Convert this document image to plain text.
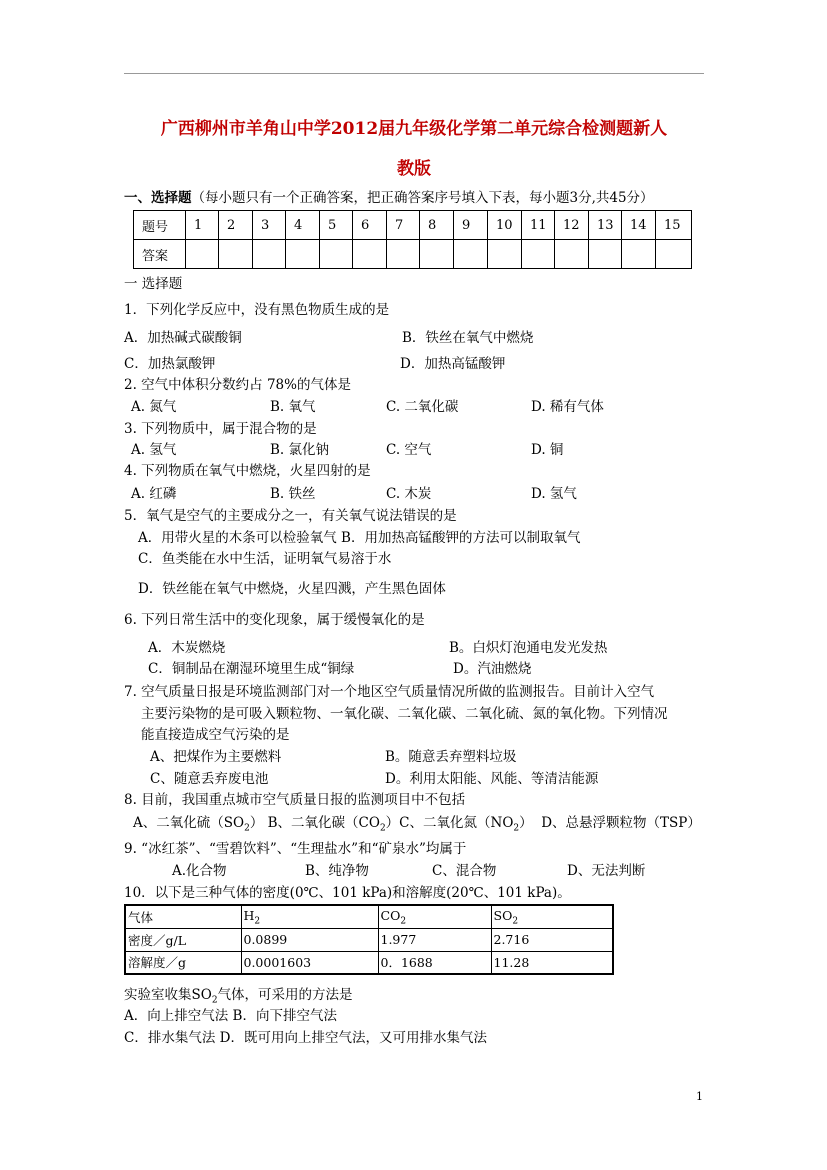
广西柳州市羊角山中学2012届九年级化学第二单元综合检测题新人
教版
一、选择题（每小题只有一个正确答案，把正确答案序号填入下表，每小题3分,共45分）
题号	1	2	3	4	5	6	7	8	9	10	11	12	13	14	15
答案															
一 选择题
1．下列化学反应中，没有黑色物质生成的是
A．加热碱式碳酸铜	B．铁丝在氧气中燃烧
C．加热氯酸钾	D．加热高锰酸钾
2. 空气中体积分数约占 78%的气体是
A. 氮气	B. 氧气	C. 二氧化碳	D. 稀有气体
3. 下列物质中，属于混合物的是
A. 氢气	B. 氯化钠	C. 空气	D. 铜
4. 下列物质在氧气中燃烧，火星四射的是
A. 红磷	B. 铁丝	C. 木炭	D. 氢气
5．氧气是空气的主要成分之一，有关氧气说法错误的是
A．用带火星的木条可以检验氧气 B．用加热高锰酸钾的方法可以制取氧气
C．鱼类能在水中生活，证明氧气易溶于水
D．铁丝能在氧气中燃烧，火星四溅，产生黑色固体
6. 下列日常生活中的变化现象，属于缓慢氧化的是
A．木炭燃烧	B。白炽灯泡通电发光发热
C．铜制品在潮湿环境里生成“铜绿	D。汽油燃烧
7. 空气质量日报是环境监测部门对一个地区空气质量情况所做的监测报告。目前计入空气
主要污染物的是可吸入颗粒物、一氧化碳、二氧化碳、二氧化硫、氮的氧化物。下列情况
能直接造成空气污染的是
A、把煤作为主要燃料	B。随意丢弃塑料垃圾
C、随意丢弃废电池	D。利用太阳能、风能、等清洁能源
8. 目前，我国重点城市空气质量日报的监测项目中不包括
A、二氧化硫$(SO_2)$ B、二氧化碳$(CO_2)C$、二氧化氮$(NO_2)$ D、总悬浮颗粒物（TSP）
9. “冰红茶”、“雪碧饮料”、“生理盐水”和“矿泉水”均属于
A.化合物	B、纯净物	C、混合物	D、无法判断
10．以下是三种气体的密度(0℃、101 kPa)和溶解度(20℃、101 kPa)。
气体	$H_2$	$CO_2$	$SO_2$
密度／g/L	0.0899	1.977	2.716
溶解度／g	0.0001603	0．1688	11.28
实验室收集$SO_2$气体，可采用的方法是
A．向上排空气法 B．向下排空气法
C．排水集气法 D．既可用向上排空气法，又可用排水集气法
1
